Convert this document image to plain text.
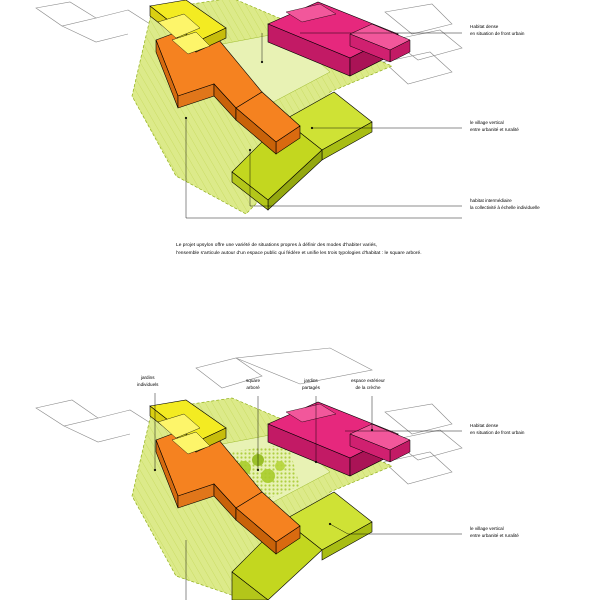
Habitat dense
en situation de front urbain
le village vertical
entre urbanité et ruralité
habitat intermédiaire
la collectivité à échelle individuelle
Le projet upsylon offre une variété de situations propres à définir des modes d'habiter variés,
l'ensemble s'articule autour d'un espace public qui fédère et unifie les trois typologies d'habitat : le square arboré.
jardins
individuels
square
arboré
jardins
partagés
espace extérieur
de la crèche
Habitat dense
en situation de front urbain
le village vertical
entre urbanité et ruralité
